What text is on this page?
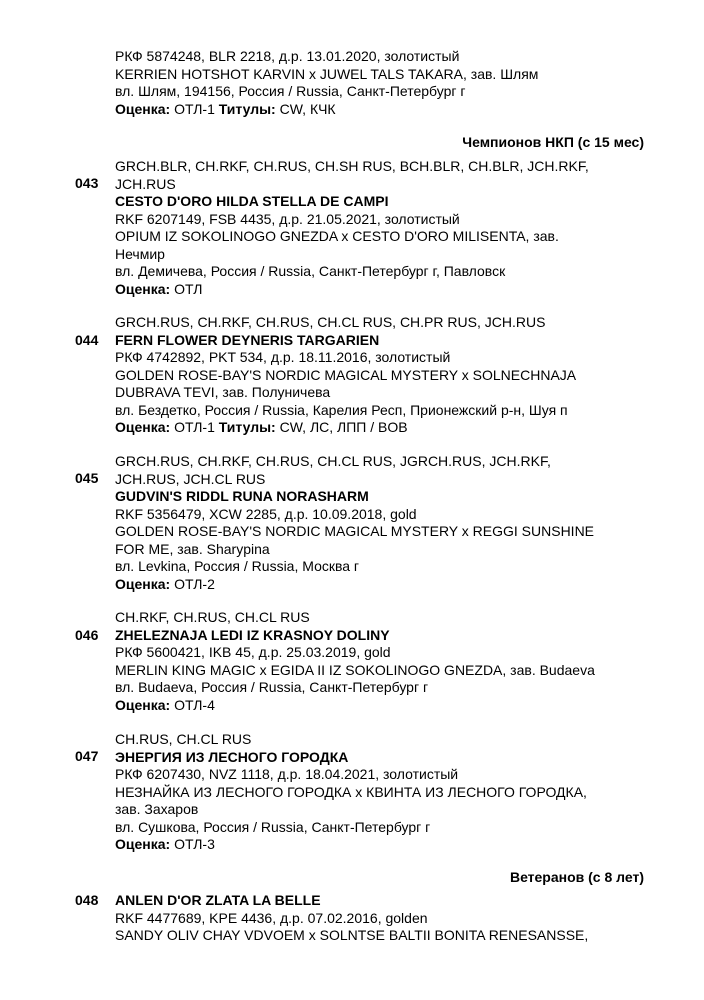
РКФ 5874248, BLR 2218, д.р. 13.01.2020, золотистый
KERRIEN HOTSHOT KARVIN x JUWEL TALS TAKARA, зав. Шлям
вл. Шлям, 194156, Россия / Russia, Санкт-Петербург г
Оценка: ОТЛ-1 Титулы: CW, КЧК
Чемпионов НКП (с 15 мес)
043
GRCH.BLR, CH.RKF, CH.RUS, CH.SH RUS, BCH.BLR, CH.BLR, JCH.RKF,
JCH.RUS
CESTO D'ORO HILDA STELLA DE CAMPI
RKF 6207149, FSB 4435, д.р. 21.05.2021, золотистый
OPIUM IZ SOKOLINOGO GNEZDA x CESTO D'ORO MILISENTA, зав.
Нечмир
вл. Демичева, Россия / Russia, Санкт-Петербург г, Павловск
Оценка: ОТЛ
044
GRCH.RUS, CH.RKF, CH.RUS, CH.CL RUS, CH.PR RUS, JCH.RUS
FERN FLOWER DEYNERIS TARGARIEN
РКФ 4742892, PKT 534, д.р. 18.11.2016, золотистый
GOLDEN ROSE-BAY'S NORDIC MAGICAL MYSTERY x SOLNECHNAJA
DUBRAVA TEVI, зав. Полуничева
вл. Бездетко, Россия / Russia, Карелия Респ, Прионежский р-н, Шуя п
Оценка: ОТЛ-1 Титулы: CW, ЛС, ЛПП / BOB
045
GRCH.RUS, CH.RKF, CH.RUS, CH.CL RUS, JGRCH.RUS, JCH.RKF,
JCH.RUS, JCH.CL RUS
GUDVIN'S RIDDL RUNA NORASHARM
RKF 5356479, XCW 2285, д.р. 10.09.2018, gold
GOLDEN ROSE-BAY'S NORDIC MAGICAL MYSTERY x REGGI SUNSHINE
FOR ME, зав. Sharypina
вл. Levkina, Россия / Russia, Москва г
Оценка: ОТЛ-2
046
CH.RKF, CH.RUS, CH.CL RUS
ZHELEZNAJA LEDI IZ KRASNOY DOLINY
РКФ 5600421, IKB 45, д.р. 25.03.2019, gold
MERLIN KING MAGIC x EGIDA II IZ SOKOLINOGO GNEZDA, зав. Budaeva
вл. Budaeva, Россия / Russia, Санкт-Петербург г
Оценка: ОТЛ-4
047
CH.RUS, CH.CL RUS
ЭНЕРГИЯ ИЗ ЛЕСНОГО ГОРОДКА
РКФ 6207430, NVZ 1118, д.р. 18.04.2021, золотистый
НЕЗНАЙКА ИЗ ЛЕСНОГО ГОРОДКА x КВИНТА ИЗ ЛЕСНОГО ГОРОДКА,
зав. Захаров
вл. Сушкова, Россия / Russia, Санкт-Петербург г
Оценка: ОТЛ-3
Ветеранов (с 8 лет)
048 ANLEN D'OR ZLATA LA BELLE
RKF 4477689, KPE 4436, д.р. 07.02.2016, golden
SANDY OLIV CHAY VDVOEM x SOLNTSE BALTII BONITA RENESANSSE,
